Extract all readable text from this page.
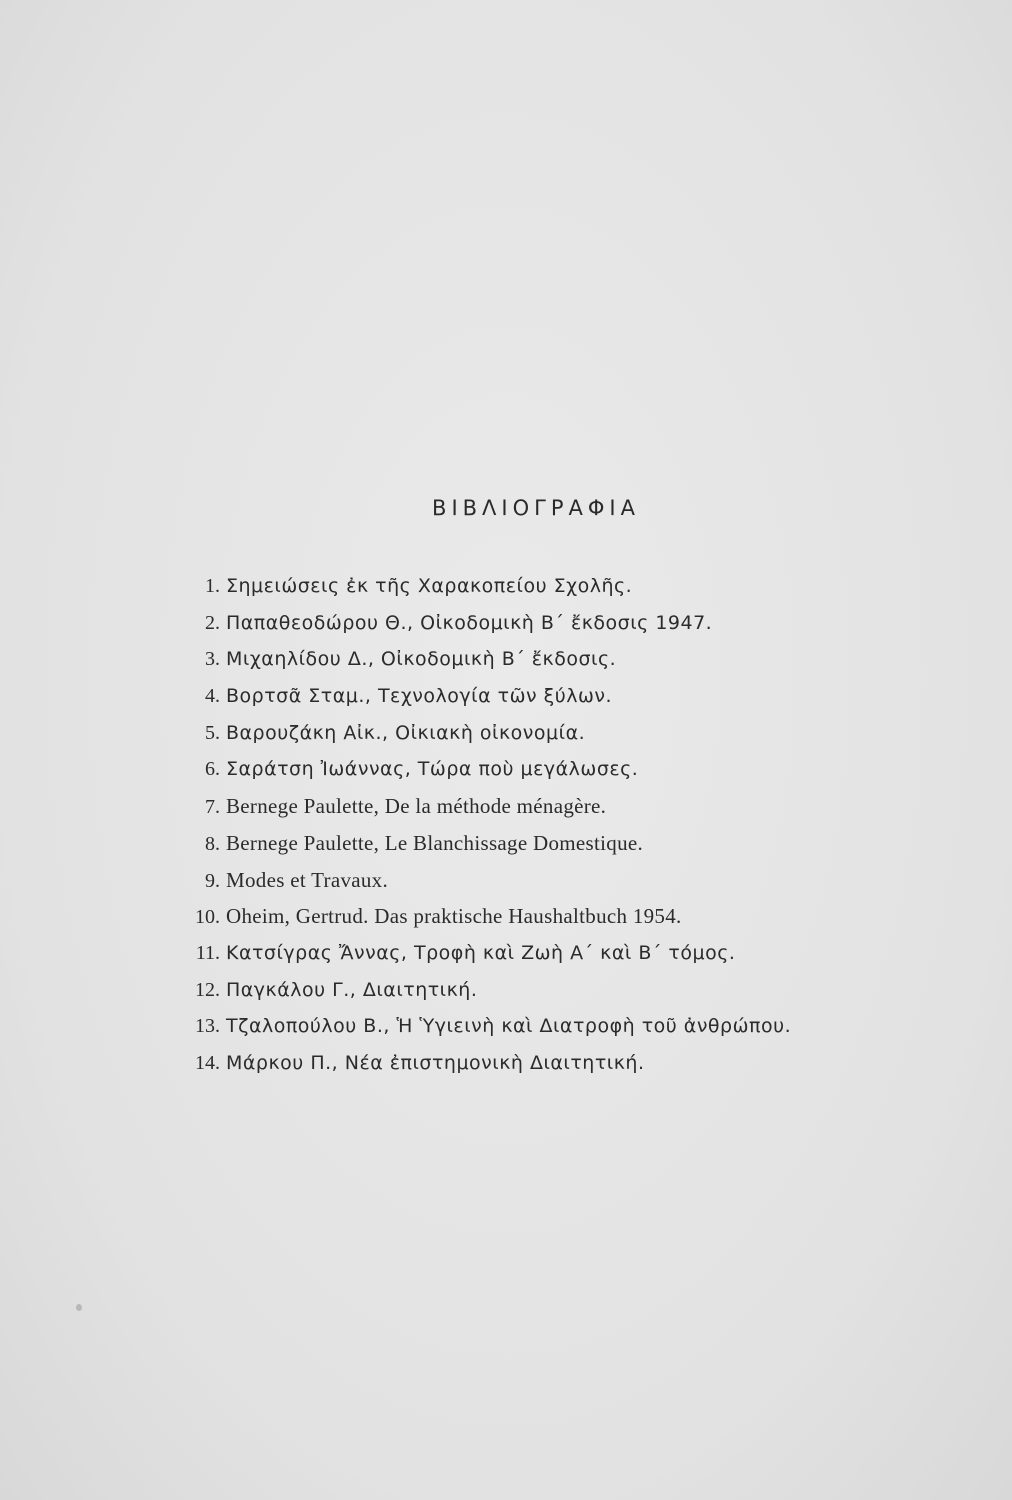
ΒΙΒΛΙΟΓΡΑΦΙΑ
1. Σημειώσεις ἐκ τῆς Χαρακοπείου Σχολῆς.
2. Παπαθεοδώρου Θ., Οἰκοδομικὴ Β΄ ἔκδοσις 1947.
3. Μιχαηλίδου Δ., Οἰκοδομικὴ Β΄ ἔκδοσις.
4. Βορτσᾶ Σταμ., Τεχνολογία τῶν ξύλων.
5. Βαρουζάκη Αἰκ., Οἰκιακὴ οἰκονομία.
6. Σαράτση Ἰωάννας, Τώρα ποὺ μεγάλωσες.
7. Bernege Paulette, De la méthode ménagère.
8. Bernege Paulette, Le Blanchissage Domestique.
9. Modes et Travaux.
10. Oheim, Gertrud. Das praktische Haushaltbuch 1954.
11. Κατσίγρας Ἄννας, Τροφὴ καὶ Ζωὴ Α΄ καὶ Β΄ τόμος.
12. Παγκάλου Γ., Διαιτητική.
13. Τζαλοπούλου Β., Ἡ Ὑγιεινὴ καὶ Διατροφὴ τοῦ ἀνθρώπου.
14. Μάρκου Π., Νέα ἐπιστημονικὴ Διαιτητική.
